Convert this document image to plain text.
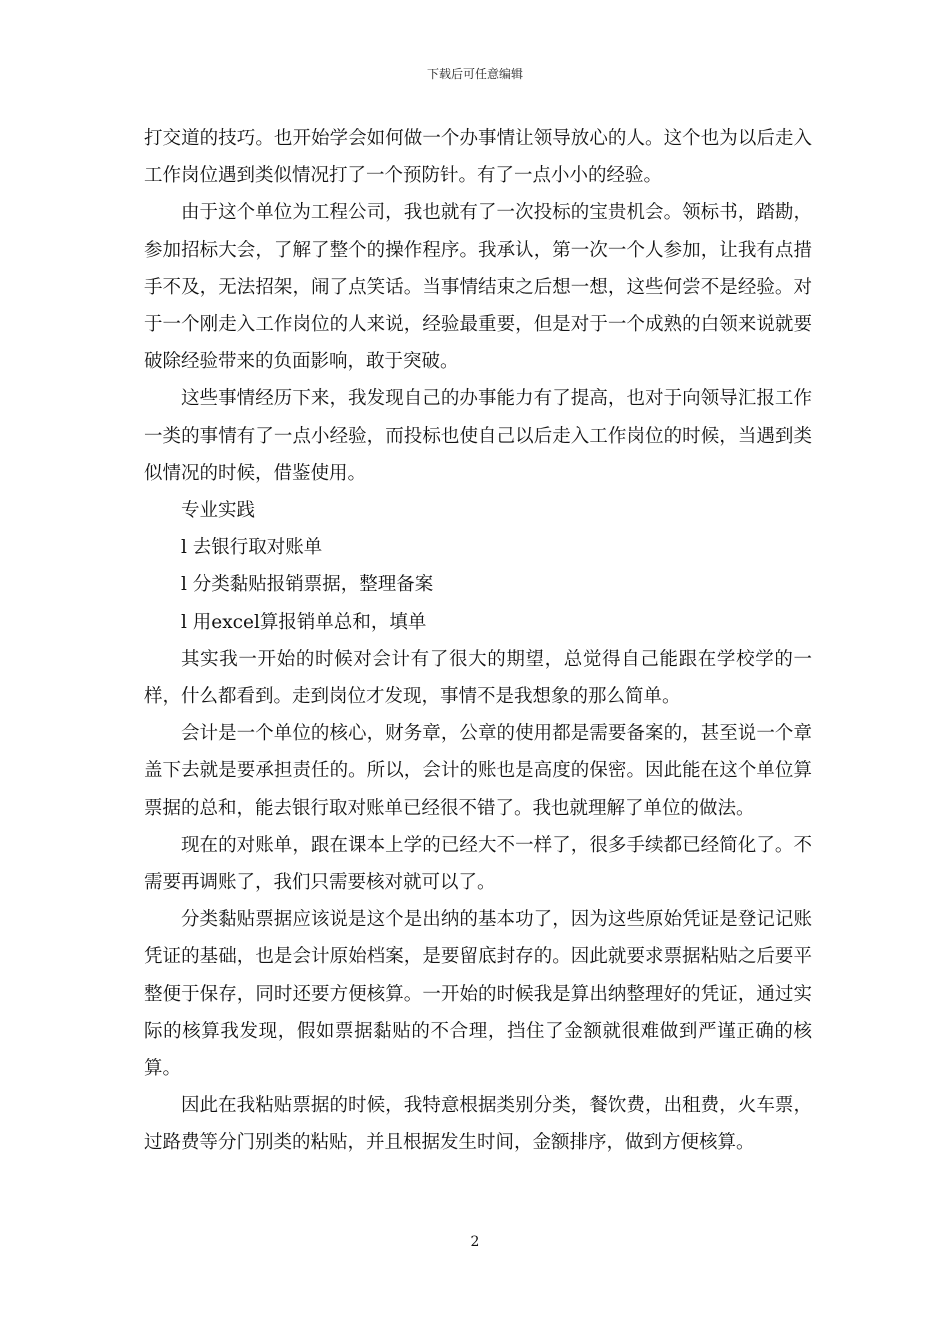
下载后可任意编辑

打交道的技巧。也开始学会如何做一个办事情让领导放心的人。这个也为以后走入工作岗位遇到类似情况打了一个预防针。有了一点小小的经验。

由于这个单位为工程公司，我也就有了一次投标的宝贵机会。领标书，踏勘，参加招标大会，了解了整个的操作程序。我承认，第一次一个人参加，让我有点措手不及，无法招架，闹了点笑话。当事情结束之后想一想，这些何尝不是经验。对于一个刚走入工作岗位的人来说，经验最重要，但是对于一个成熟的白领来说就要破除经验带来的负面影响，敢于突破。

这些事情经历下来，我发现自己的办事能力有了提高，也对于向领导汇报工作一类的事情有了一点小经验，而投标也使自己以后走入工作岗位的时候，当遇到类似情况的时候，借鉴使用。

专业实践

l 去银行取对账单

l 分类黏贴报销票据，整理备案

l 用excel算报销单总和，填单

其实我一开始的时候对会计有了很大的期望，总觉得自己能跟在学校学的一样，什么都看到。走到岗位才发现，事情不是我想象的那么简单。

会计是一个单位的核心，财务章，公章的使用都是需要备案的，甚至说一个章盖下去就是要承担责任的。所以，会计的账也是高度的保密。因此能在这个单位算票据的总和，能去银行取对账单已经很不错了。我也就理解了单位的做法。

现在的对账单，跟在课本上学的已经大不一样了，很多手续都已经简化了。不需要再调账了，我们只需要核对就可以了。

分类黏贴票据应该说是这个是出纳的基本功了，因为这些原始凭证是登记记账凭证的基础，也是会计原始档案，是要留底封存的。因此就要求票据粘贴之后要平整便于保存，同时还要方便核算。一开始的时候我是算出纳整理好的凭证，通过实际的核算我发现，假如票据黏贴的不合理，挡住了金额就很难做到严谨正确的核算。

因此在我粘贴票据的时候，我特意根据类别分类，餐饮费，出租费，火车票，过路费等分门别类的粘贴，并且根据发生时间，金额排序，做到方便核算。

2
